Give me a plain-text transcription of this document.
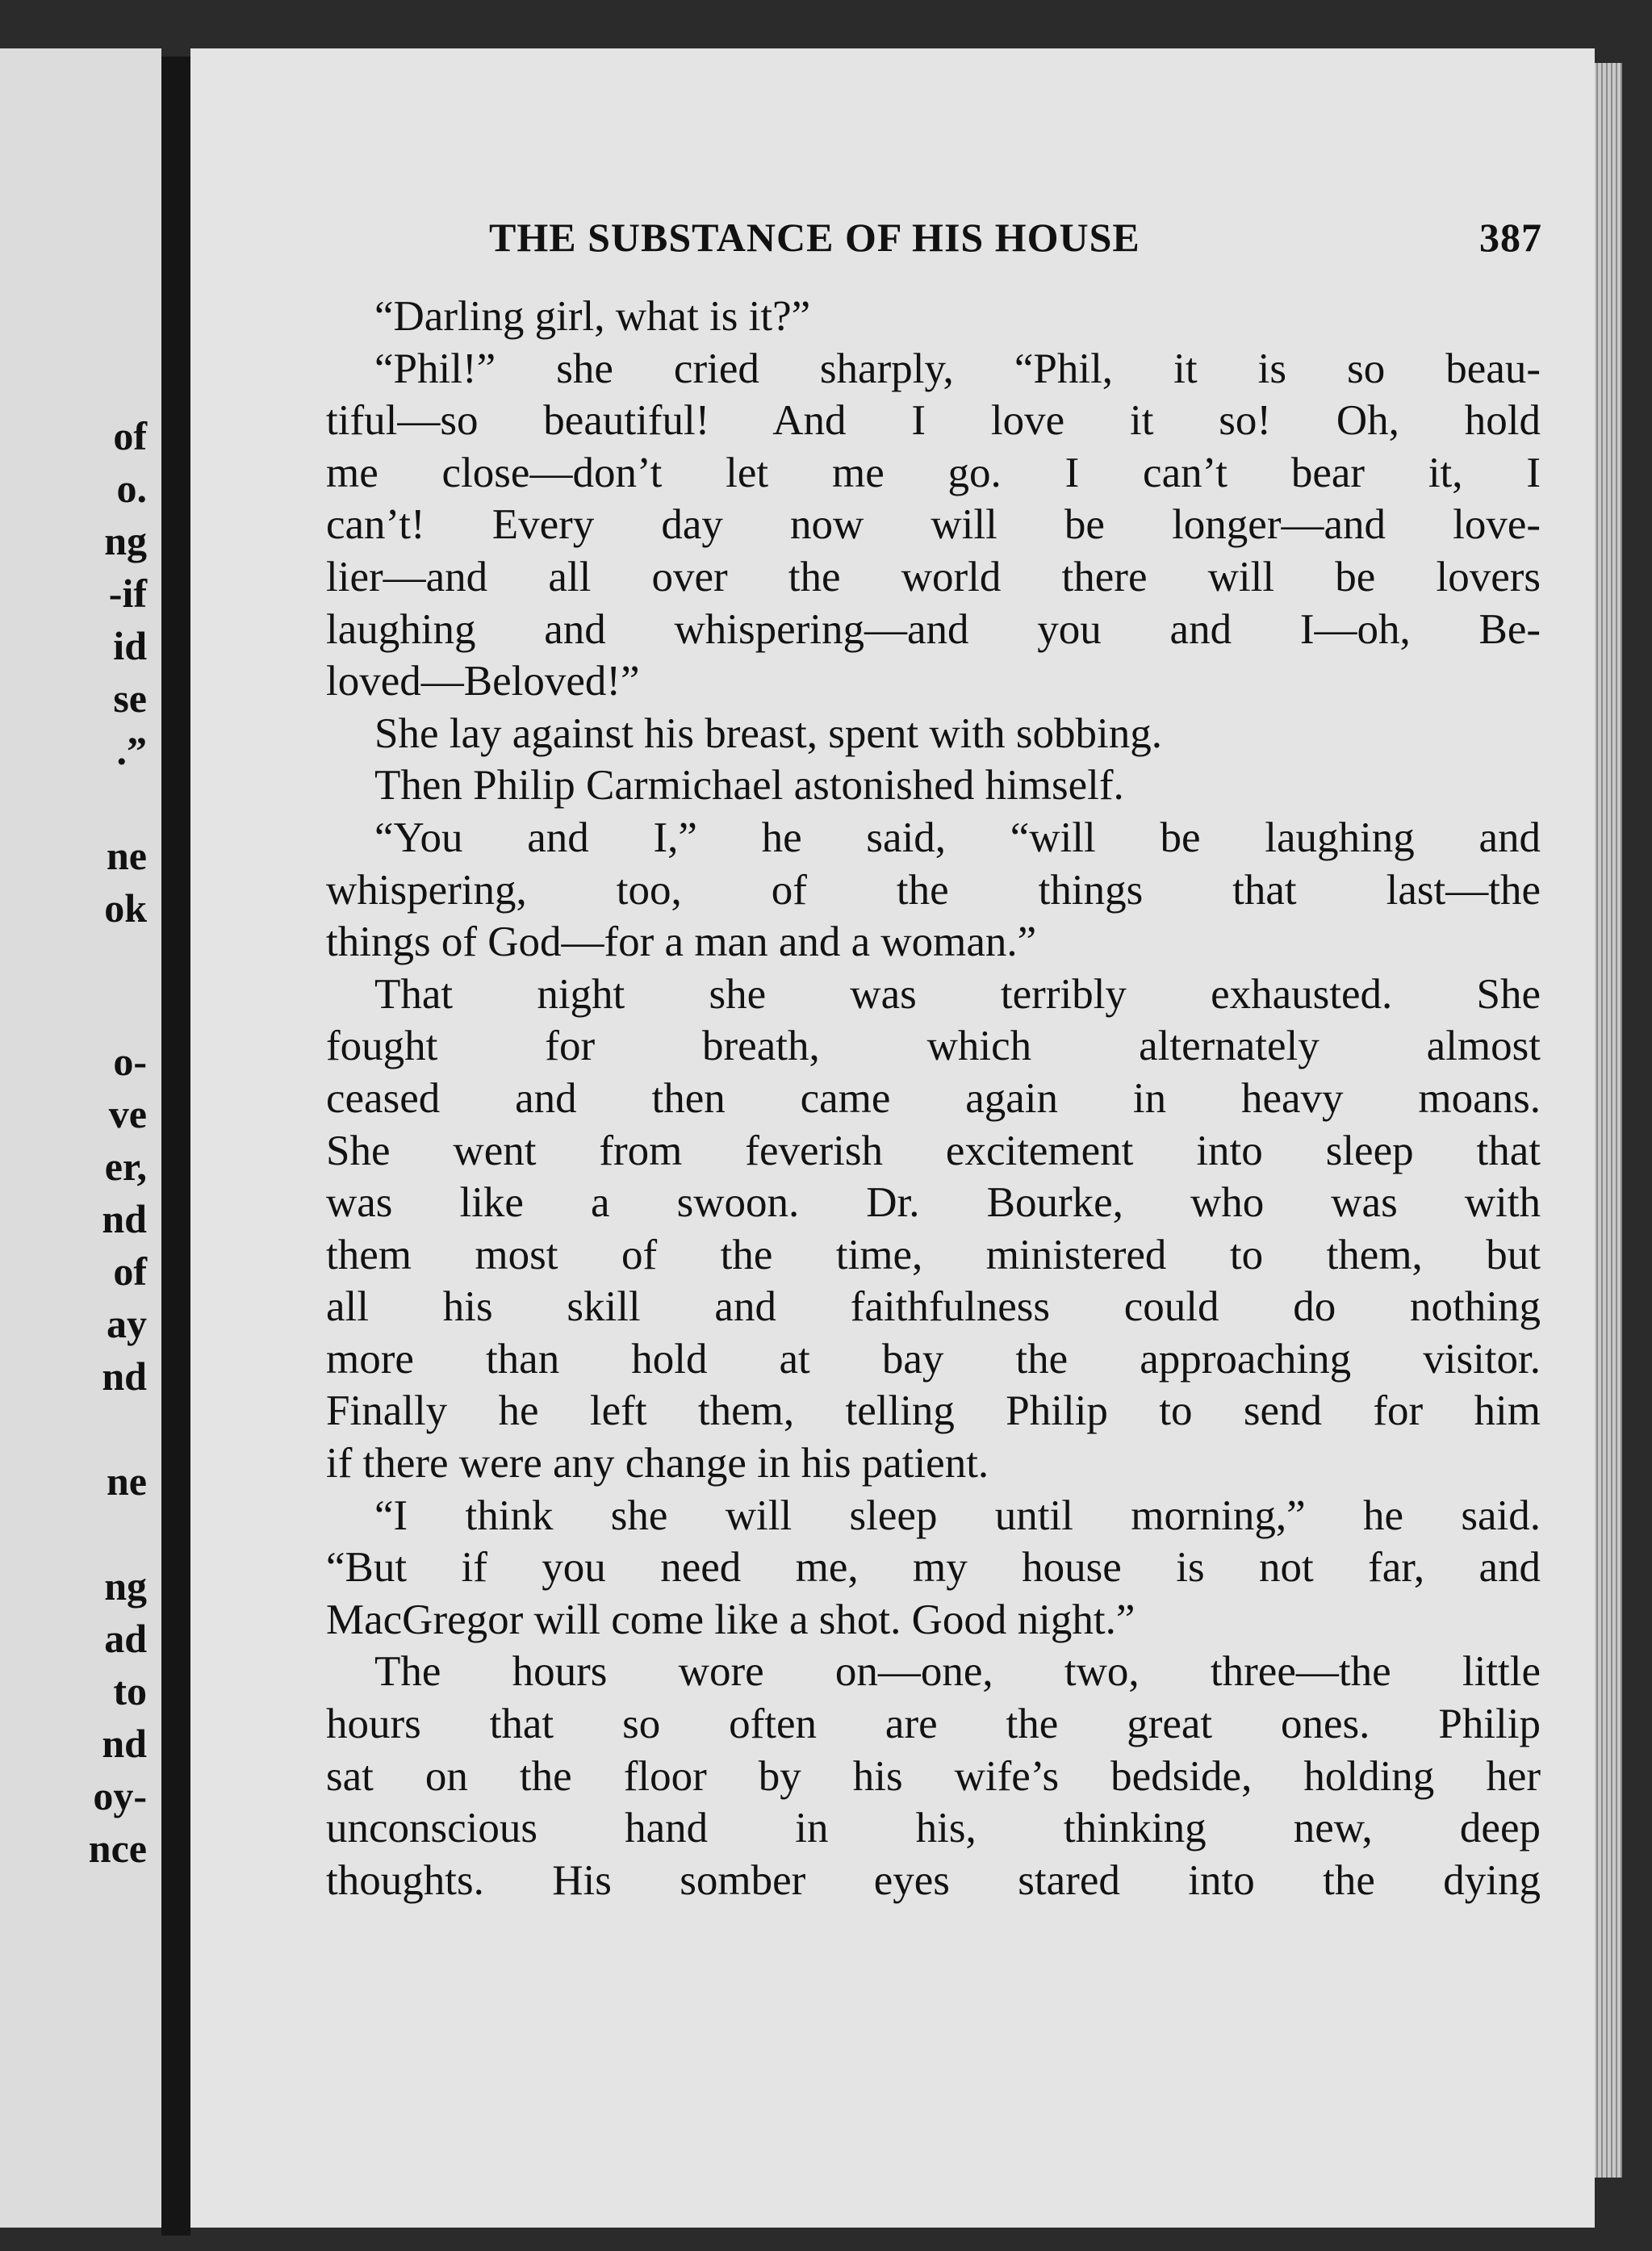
of
o.
ng
-if
id
se
.”
ne
ok
o-
ve
er,
nd
of
ay
nd
ne
ng
ad
to
nd
oy-
nce
THE SUBSTANCE OF HIS HOUSE	387
“Darling girl, what is it?”
“Phil!” she cried sharply, “Phil, it is so beau-
tiful—so beautiful! And I love it so! Oh, hold
me close—don’t let me go. I can’t bear it, I
can’t! Every day now will be longer—and love-
lier—and all over the world there will be lovers
laughing and whispering—and you and I—oh, Be-
loved—Beloved!”
She lay against his breast, spent with sobbing.
Then Philip Carmichael astonished himself.
“You and I,” he said, “will be laughing and
whispering, too, of the things that last—the
things of God—for a man and a woman.”
That night she was terribly exhausted. She
fought for breath, which alternately almost
ceased and then came again in heavy moans.
She went from feverish excitement into sleep that
was like a swoon. Dr. Bourke, who was with
them most of the time, ministered to them, but
all his skill and faithfulness could do nothing
more than hold at bay the approaching visitor.
Finally he left them, telling Philip to send for him
if there were any change in his patient.
“I think she will sleep until morning,” he said.
“But if you need me, my house is not far, and
MacGregor will come like a shot. Good night.”
The hours wore on—one, two, three—the little
hours that so often are the great ones. Philip
sat on the floor by his wife’s bedside, holding her
unconscious hand in his, thinking new, deep
thoughts. His somber eyes stared into the dying
